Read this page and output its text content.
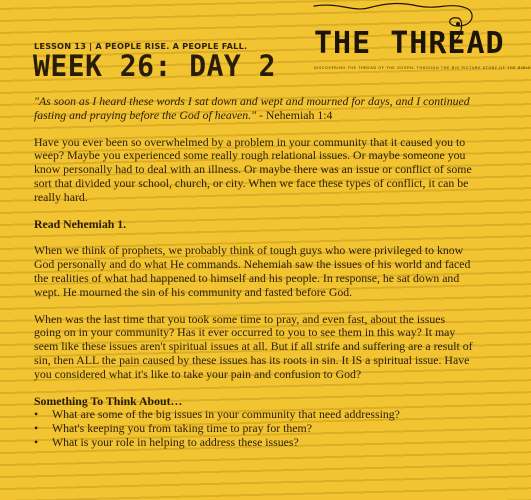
LESSON 13 | A PEOPLE RISE. A PEOPLE FALL.
WEEK 26: DAY 2
THE THREAD
DISCOVERING THE THREAD OF THE GOSPEL THROUGH THE BIG PICTURE STORY OF THE BIBLE

"As soon as I heard these words I sat down and wept and mourned for days, and I continued fasting and praying before the God of heaven." - Nehemiah 1:4

Have you ever been so overwhelmed by a problem in your community that it caused you to weep? Maybe you experienced some really rough relational issues. Or maybe someone you know personally had to deal with an illness. Or maybe there was an issue or conflict of some sort that divided your school, church, or city. When we face these types of conflict, it can be really hard.

Read Nehemiah 1.

When we think of prophets, we probably think of tough guys who were privileged to know God personally and do what He commands. Nehemiah saw the issues of his world and faced the realities of what had happened to himself and his people. In response, he sat down and wept. He mourned the sin of his community and fasted before God.

When was the last time that you took some time to pray, and even fast, about the issues going on in your community? Has it ever occurred to you to see them in this way? It may seem like these issues aren't spiritual issues at all. But if all strife and suffering are a result of sin, then ALL the pain caused by these issues has its roots in sin. It IS a spiritual issue. Have you considered what it's like to take your pain and confusion to God?

Something To Think About…
• What are some of the big issues in your community that need addressing?
• What's keeping you from taking time to pray for them?
• What is your role in helping to address these issues?
